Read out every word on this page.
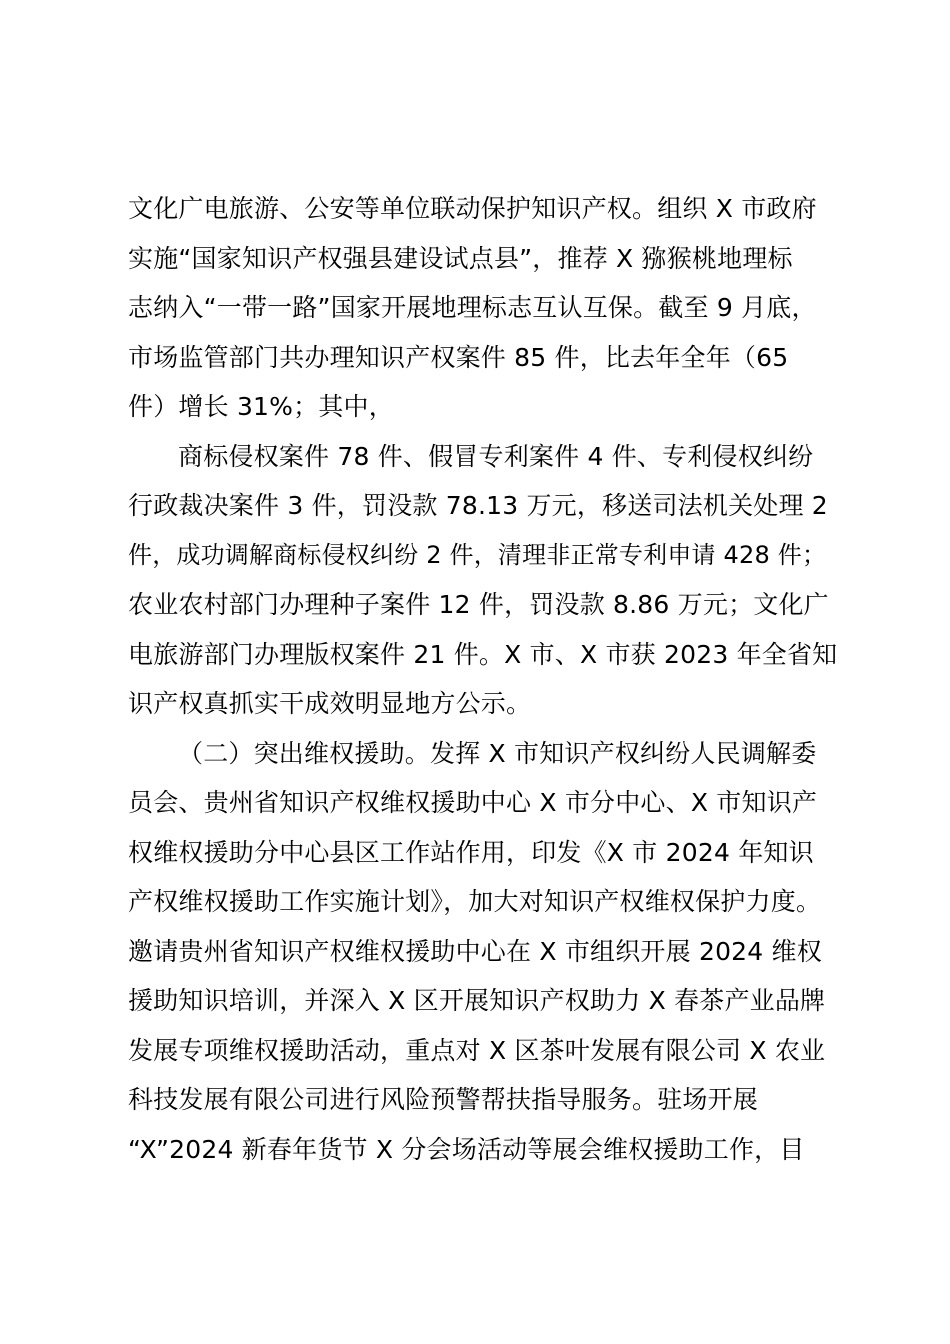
文化广电旅游、公安等单位联动保护知识产权。组织 X 市政府
实施“国家知识产权强县建设试点县”，推荐 X 猕猴桃地理标
志纳入“一带一路”国家开展地理标志互认互保。截至 9 月底，
市场监管部门共办理知识产权案件 85 件，比去年全年（65
件）增长 31%；其中，

商标侵权案件 78 件、假冒专利案件 4 件、专利侵权纠纷
行政裁决案件 3 件，罚没款 78.13 万元，移送司法机关处理 2
件，成功调解商标侵权纠纷 2 件，清理非正常专利申请 428 件；
农业农村部门办理种子案件 12 件，罚没款 8.86 万元；文化广
电旅游部门办理版权案件 21 件。X 市、X 市获 2023 年全省知
识产权真抓实干成效明显地方公示。

（二）突出维权援助。发挥 X 市知识产权纠纷人民调解委
员会、贵州省知识产权维权援助中心 X 市分中心、X 市知识产
权维权援助分中心县区工作站作用，印发《X 市 2024 年知识
产权维权援助工作实施计划》，加大对知识产权维权保护力度。
邀请贵州省知识产权维权援助中心在 X 市组织开展 2024 维权
援助知识培训，并深入 X 区开展知识产权助力 X 春茶产业品牌
发展专项维权援助活动，重点对 X 区茶叶发展有限公司 X 农业
科技发展有限公司进行风险预警帮扶指导服务。驻场开展
“X”2024 新春年货节 X 分会场活动等展会维权援助工作，目
